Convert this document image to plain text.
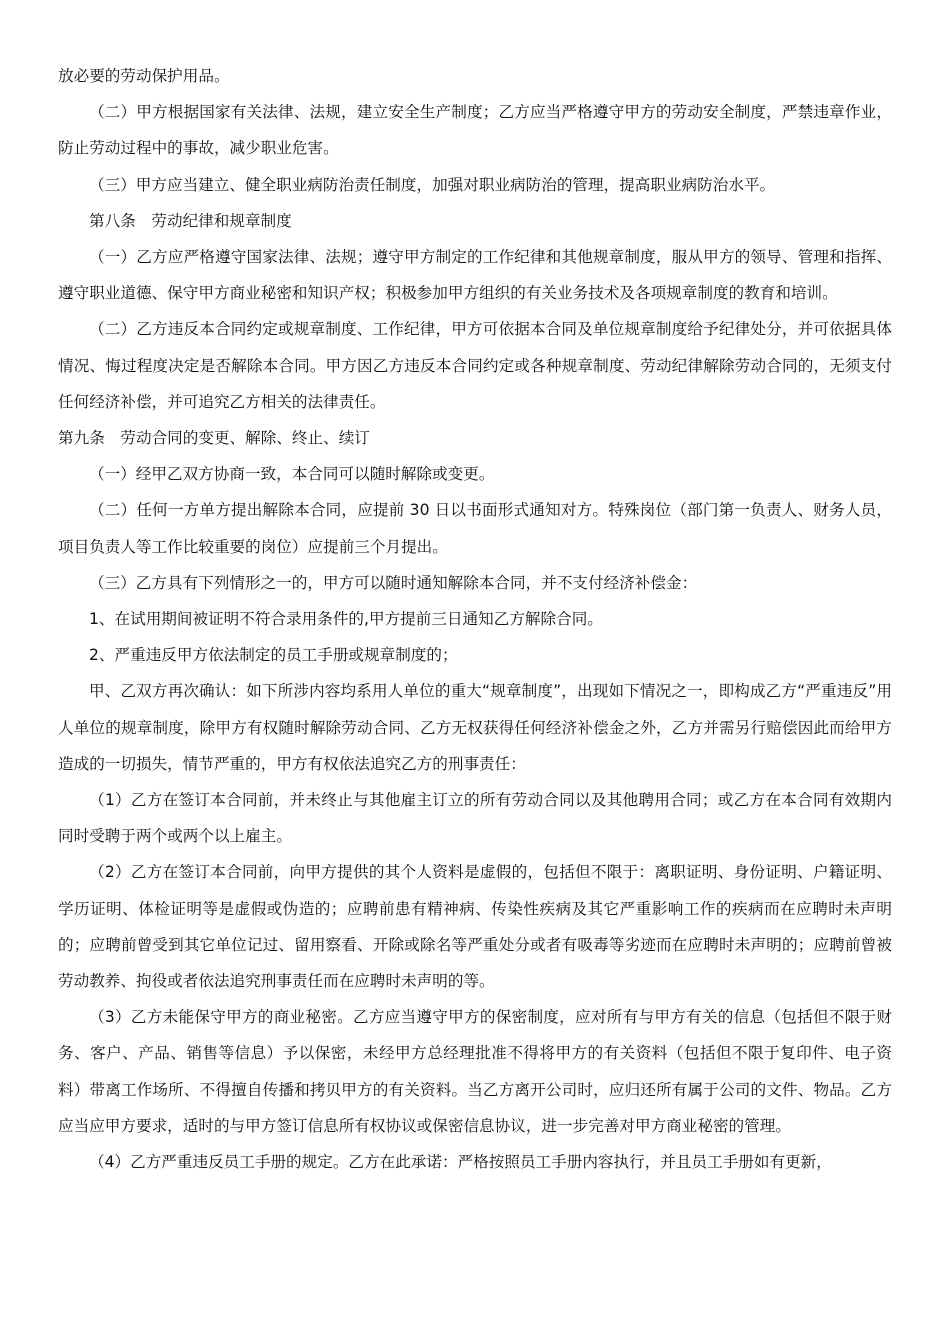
放必要的劳动保护用品。

（二）甲方根据国家有关法律、法规，建立安全生产制度；乙方应当严格遵守甲方的劳动安全制度，严禁违章作业，防止劳动过程中的事故，减少职业危害。

（三）甲方应当建立、健全职业病防治责任制度，加强对职业病防治的管理，提高职业病防治水平。

第八条　劳动纪律和规章制度

（一）乙方应严格遵守国家法律、法规；遵守甲方制定的工作纪律和其他规章制度，服从甲方的领导、管理和指挥、遵守职业道德、保守甲方商业秘密和知识产权；积极参加甲方组织的有关业务技术及各项规章制度的教育和培训。

（二）乙方违反本合同约定或规章制度、工作纪律，甲方可依据本合同及单位规章制度给予纪律处分，并可依据具体情况、悔过程度决定是否解除本合同。甲方因乙方违反本合同约定或各种规章制度、劳动纪律解除劳动合同的，无须支付任何经济补偿，并可追究乙方相关的法律责任。

第九条　劳动合同的变更、解除、终止、续订

（一）经甲乙双方协商一致，本合同可以随时解除或变更。

（二）任何一方单方提出解除本合同，应提前 30 日以书面形式通知对方。特殊岗位（部门第一负责人、财务人员，项目负责人等工作比较重要的岗位）应提前三个月提出。

（三）乙方具有下列情形之一的，甲方可以随时通知解除本合同，并不支付经济补偿金：

1、在试用期间被证明不符合录用条件的,甲方提前三日通知乙方解除合同。

2、严重违反甲方依法制定的员工手册或规章制度的；

甲、乙双方再次确认：如下所涉内容均系用人单位的重大“规章制度”，出现如下情况之一，即构成乙方“严重违反”用人单位的规章制度，除甲方有权随时解除劳动合同、乙方无权获得任何经济补偿金之外，乙方并需另行赔偿因此而给甲方造成的一切损失，情节严重的，甲方有权依法追究乙方的刑事责任：

（1）乙方在签订本合同前，并未终止与其他雇主订立的所有劳动合同以及其他聘用合同；或乙方在本合同有效期内同时受聘于两个或两个以上雇主。

（2）乙方在签订本合同前，向甲方提供的其个人资料是虚假的，包括但不限于：离职证明、身份证明、户籍证明、学历证明、体检证明等是虚假或伪造的；应聘前患有精神病、传染性疾病及其它严重影响工作的疾病而在应聘时未声明的；应聘前曾受到其它单位记过、留用察看、开除或除名等严重处分或者有吸毒等劣迹而在应聘时未声明的；应聘前曾被劳动教养、拘役或者依法追究刑事责任而在应聘时未声明的等。

（3）乙方未能保守甲方的商业秘密。乙方应当遵守甲方的保密制度，应对所有与甲方有关的信息（包括但不限于财务、客户、产品、销售等信息）予以保密，未经甲方总经理批准不得将甲方的有关资料（包括但不限于复印件、电子资料）带离工作场所、不得擅自传播和拷贝甲方的有关资料。当乙方离开公司时，应归还所有属于公司的文件、物品。乙方应当应甲方要求，适时的与甲方签订信息所有权协议或保密信息协议，进一步完善对甲方商业秘密的管理。

（4）乙方严重违反员工手册的规定。乙方在此承诺：严格按照员工手册内容执行，并且员工手册如有更新，
